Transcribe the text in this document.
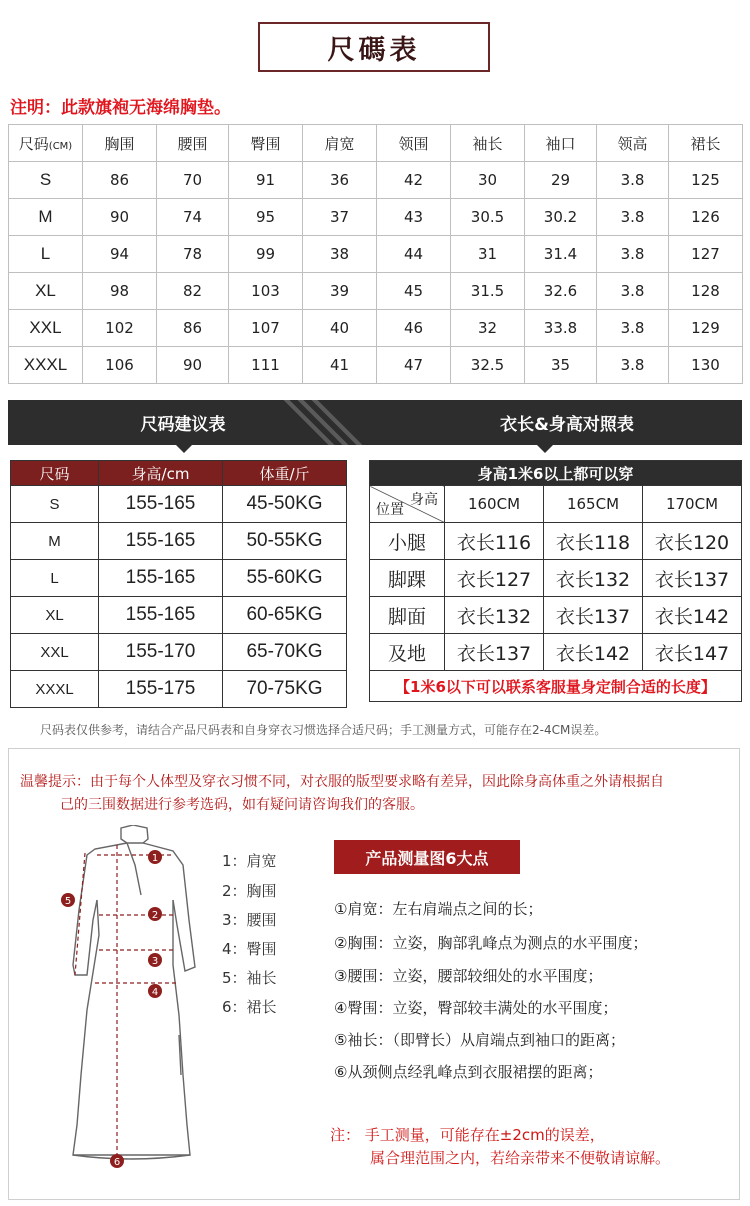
尺碼表
注明：此款旗袍无海绵胸垫。
尺码(CM)	胸围	腰围	臀围	肩宽	领围	袖长	袖口	领高	裙长
S	86	70	91	36	42	30	29	3.8	125
M	90	74	95	37	43	30.5	30.2	3.8	126
L	94	78	99	38	44	31	31.4	3.8	127
XL	98	82	103	39	45	31.5	32.6	3.8	128
XXL	102	86	107	40	46	32	33.8	3.8	129
XXXL	106	90	111	41	47	32.5	35	3.8	130
尺码建议表	衣长&身高对照表
尺码	身高/cm	体重/斤
S	155-165	45-50KG
M	155-165	50-55KG
L	155-165	55-60KG
XL	155-165	60-65KG
XXL	155-170	65-70KG
XXXL	155-175	70-75KG
身高1米6以上都可以穿			

身高
位置	160CM	165CM	170CM
小腿	衣长116	衣长118	衣长120
脚踝	衣长127	衣长132	衣长137
脚面	衣长132	衣长137	衣长142
及地	衣长137	衣长142	衣长147
【1米6以下可以联系客服量身定制合适的长度】			
尺码表仅供参考，请结合产品尺码表和自身穿衣习惯选择合适尺码；手工测量方式，可能存在2-4CM误差。
温馨提示：由于每个人体型及穿衣习惯不同，对衣服的版型要求略有差异，因此除身高体重之外请根据自
己的三围数据进行参考选码，如有疑问请咨询我们的客服。
1
2
3
4
5
6
1：肩宽
2：胸围
3：腰围
4：臀围
5：袖长
6：裙长
产品测量图6大点
①肩宽：左右肩端点之间的长；
②胸围：立姿，胸部乳峰点为测点的水平围度；
③腰围：立姿，腰部较细处的水平围度；
④臀围：立姿，臀部较丰满处的水平围度；
⑤袖长：（即臂长）从肩端点到袖口的距离；
⑥从颈侧点经乳峰点到衣服裙摆的距离；
注： 手工测量，可能存在±2cm的误差，
属合理范围之内，若给亲带来不便敬请谅解。
